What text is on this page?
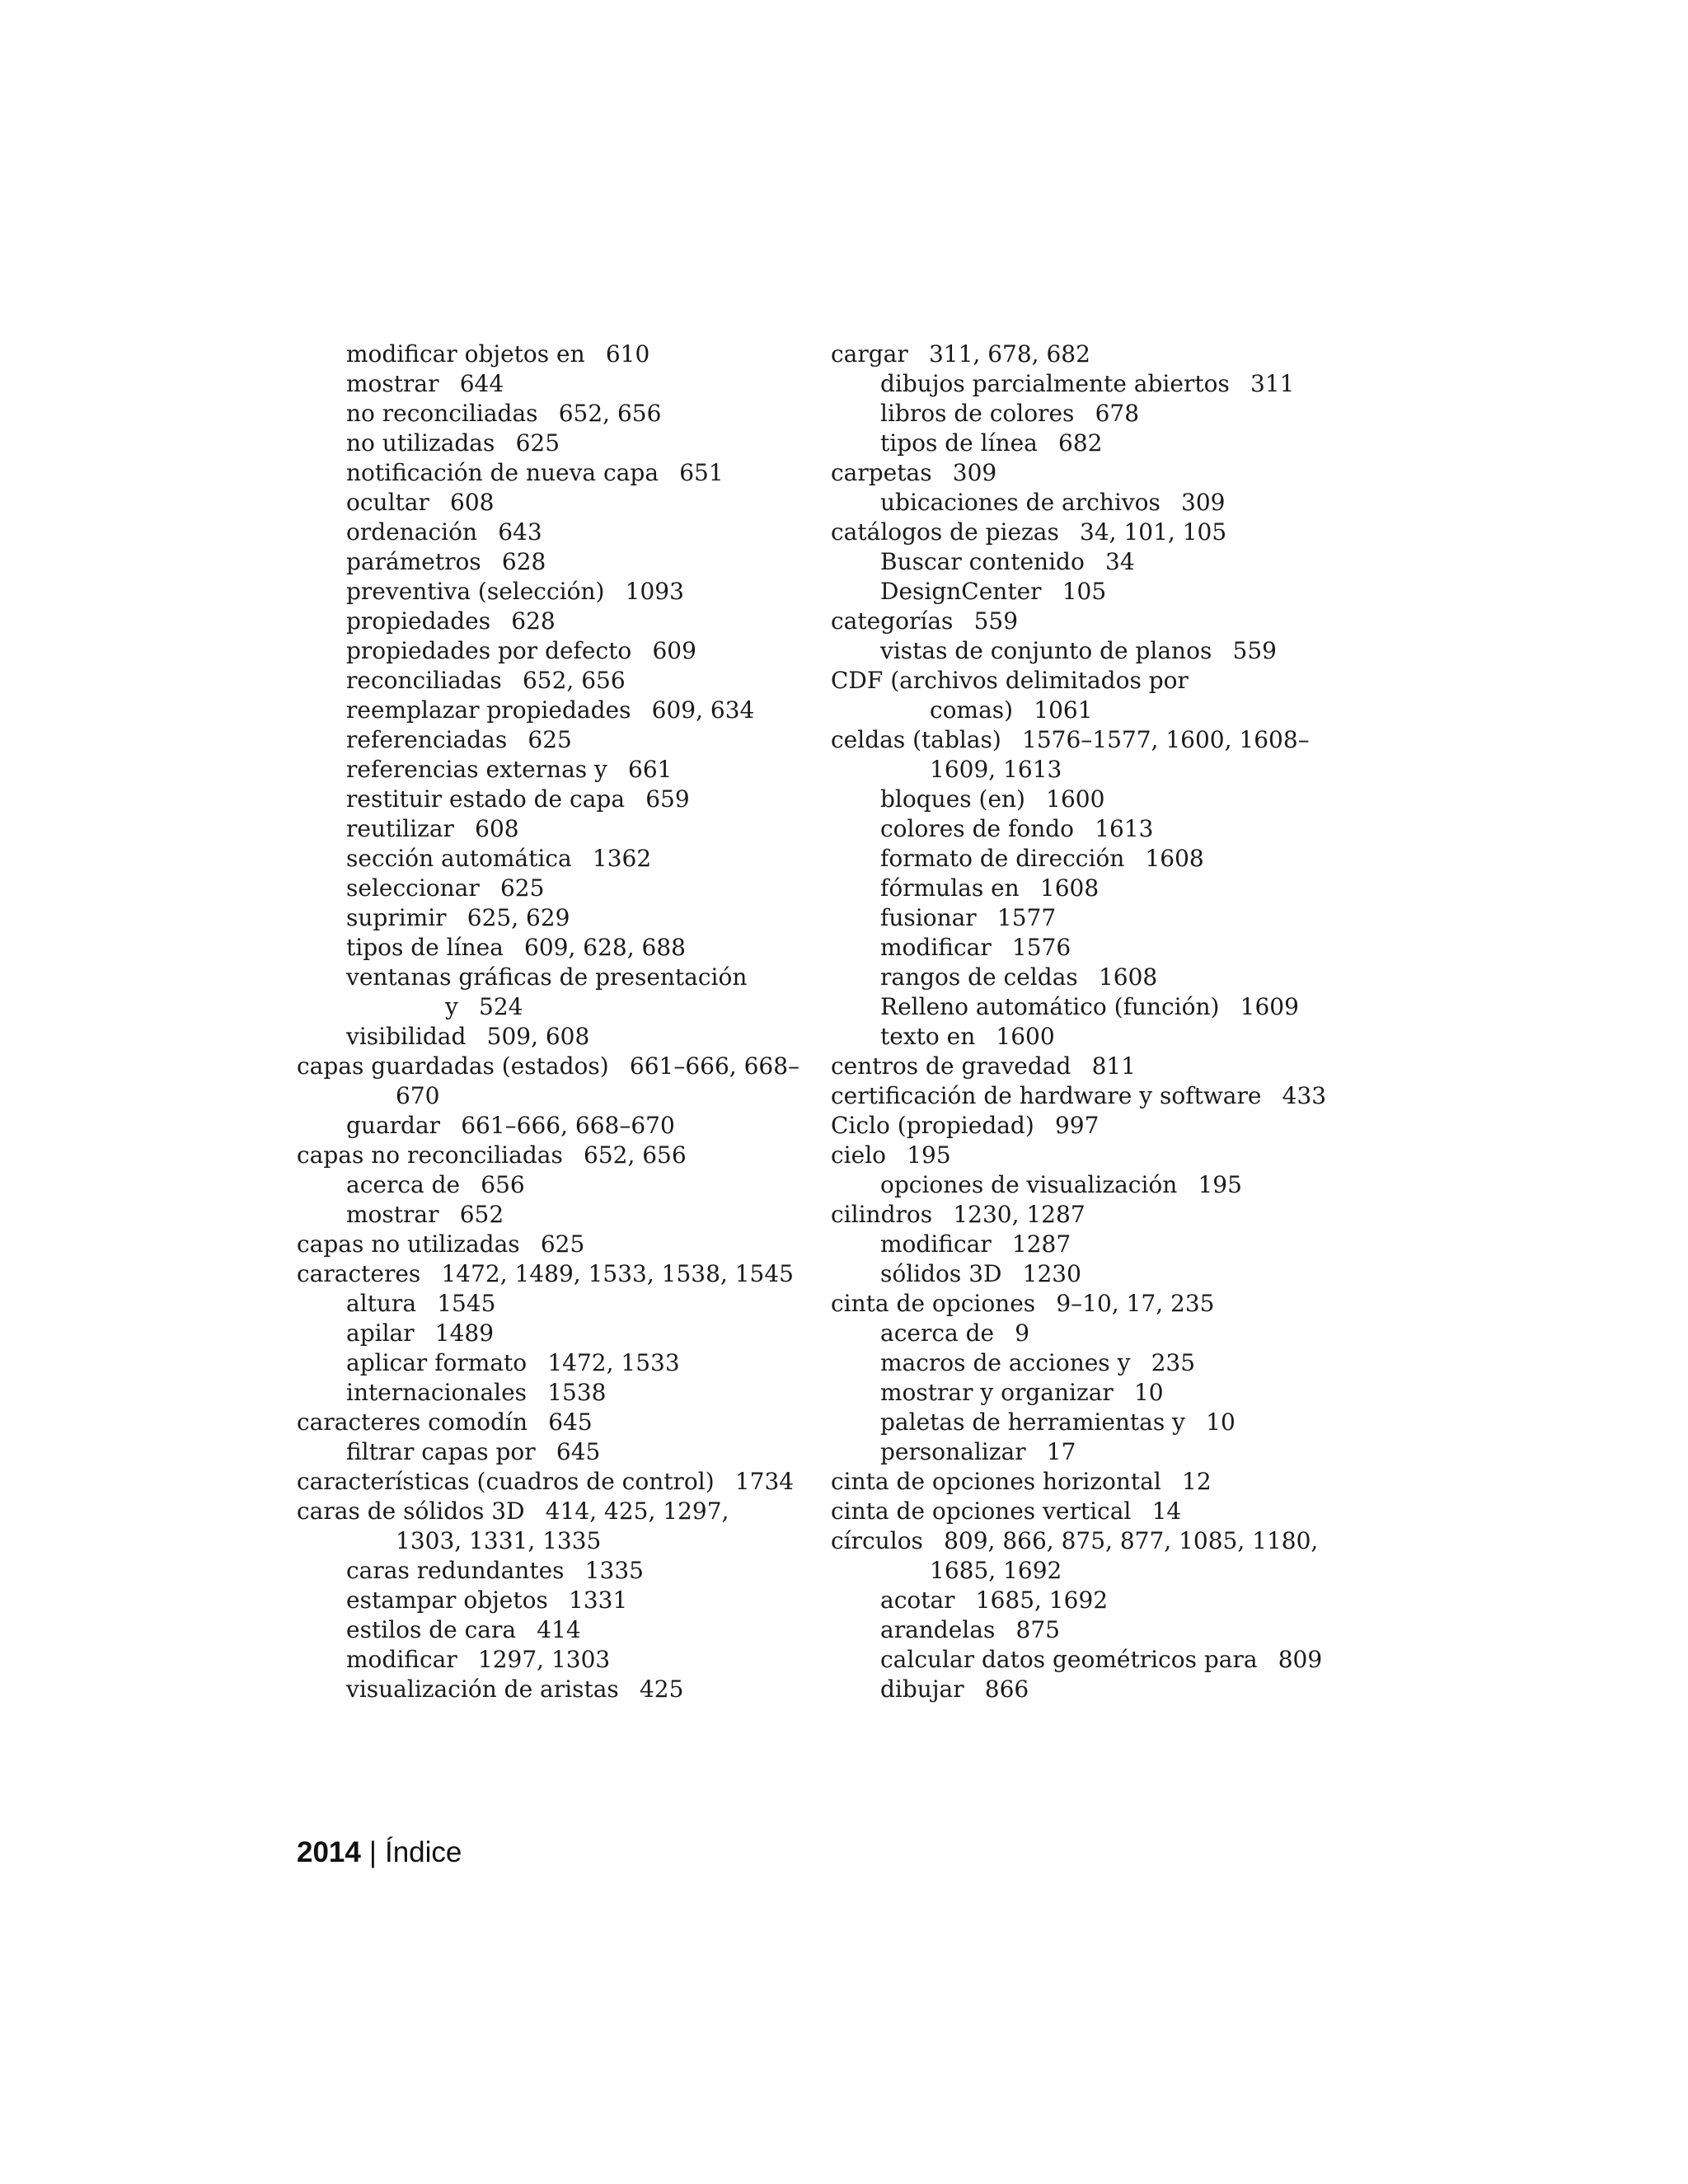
modificar objetos en 610
mostrar 644
no reconciliadas 652, 656
no utilizadas 625
notificación de nueva capa 651
ocultar 608
ordenación 643
parámetros 628
preventiva (selección) 1093
propiedades 628
propiedades por defecto 609
reconciliadas 652, 656
reemplazar propiedades 609, 634
referenciadas 625
referencias externas y 661
restituir estado de capa 659
reutilizar 608
sección automática 1362
seleccionar 625
suprimir 625, 629
tipos de línea 609, 628, 688
ventanas gráficas de presentación
y 524
visibilidad 509, 608
capas guardadas (estados) 661–666, 668–
670
guardar 661–666, 668–670
capas no reconciliadas 652, 656
acerca de 656
mostrar 652
capas no utilizadas 625
caracteres 1472, 1489, 1533, 1538, 1545
altura 1545
apilar 1489
aplicar formato 1472, 1533
internacionales 1538
caracteres comodín 645
filtrar capas por 645
características (cuadros de control) 1734
caras de sólidos 3D 414, 425, 1297,
1303, 1331, 1335
caras redundantes 1335
estampar objetos 1331
estilos de cara 414
modificar 1297, 1303
visualización de aristas 425
cargar 311, 678, 682
dibujos parcialmente abiertos 311
libros de colores 678
tipos de línea 682
carpetas 309
ubicaciones de archivos 309
catálogos de piezas 34, 101, 105
Buscar contenido 34
DesignCenter 105
categorías 559
vistas de conjunto de planos 559
CDF (archivos delimitados por
comas) 1061
celdas (tablas) 1576–1577, 1600, 1608–
1609, 1613
bloques (en) 1600
colores de fondo 1613
formato de dirección 1608
fórmulas en 1608
fusionar 1577
modificar 1576
rangos de celdas 1608
Relleno automático (función) 1609
texto en 1600
centros de gravedad 811
certificación de hardware y software 433
Ciclo (propiedad) 997
cielo 195
opciones de visualización 195
cilindros 1230, 1287
modificar 1287
sólidos 3D 1230
cinta de opciones 9–10, 17, 235
acerca de 9
macros de acciones y 235
mostrar y organizar 10
paletas de herramientas y 10
personalizar 17
cinta de opciones horizontal 12
cinta de opciones vertical 14
círculos 809, 866, 875, 877, 1085, 1180,
1685, 1692
acotar 1685, 1692
arandelas 875
calcular datos geométricos para 809
dibujar 866
2014 | Índice
